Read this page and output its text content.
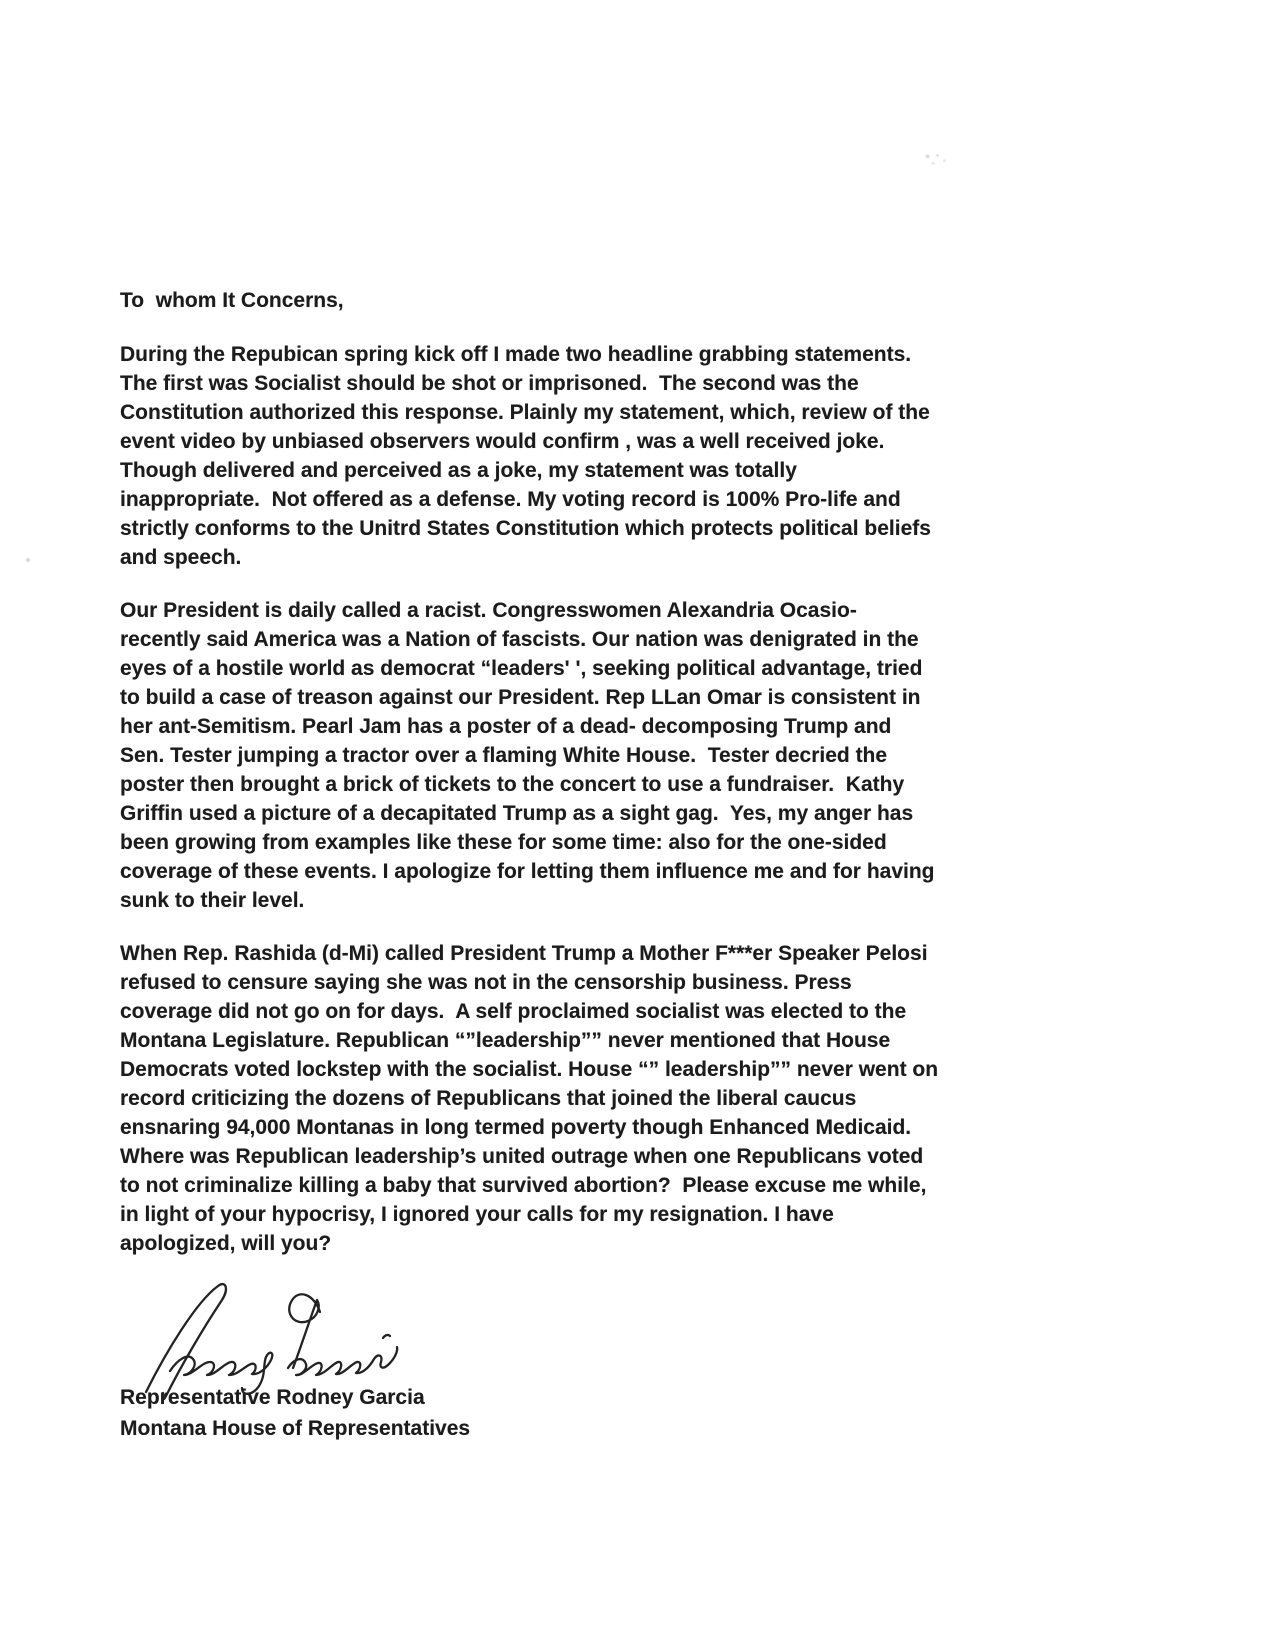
To  whom It Concerns,
During the Repubican spring kick off I made two headline grabbing statements.
The first was Socialist should be shot or imprisoned.  The second was the
Constitution authorized this response. Plainly my statement, which, review of the
event video by unbiased observers would confirm , was a well received joke.
Though delivered and perceived as a joke, my statement was totally
inappropriate.  Not offered as a defense. My voting record is 100% Pro-life and
strictly conforms to the Unitrd States Constitution which protects political beliefs
and speech.
Our President is daily called a racist. Congresswomen Alexandria Ocasio-
recently said America was a Nation of fascists. Our nation was denigrated in the
eyes of a hostile world as democrat “leaders' ', seeking political advantage, tried
to build a case of treason against our President. Rep LLan Omar is consistent in
her ant-Semitism. Pearl Jam has a poster of a dead- decomposing Trump and
Sen. Tester jumping a tractor over a flaming White House.  Tester decried the
poster then brought a brick of tickets to the concert to use a fundraiser.  Kathy
Griffin used a picture of a decapitated Trump as a sight gag.  Yes, my anger has
been growing from examples like these for some time: also for the one-sided
coverage of these events. I apologize for letting them influence me and for having
sunk to their level.
When Rep. Rashida (d-Mi) called President Trump a Mother F***er Speaker Pelosi
refused to censure saying she was not in the censorship business. Press
coverage did not go on for days.  A self proclaimed socialist was elected to the
Montana Legislature. Republican “”leadership”” never mentioned that House
Democrats voted lockstep with the socialist. House “” leadership”” never went on
record criticizing the dozens of Republicans that joined the liberal caucus
ensnaring 94,000 Montanas in long termed poverty though Enhanced Medicaid.
Where was Republican leadership’s united outrage when one Republicans voted
to not criminalize killing a baby that survived abortion?  Please excuse me while,
in light of your hypocrisy, I ignored your calls for my resignation. I have
apologized, will you?
Representative Rodney Garcia
Montana House of Representatives
